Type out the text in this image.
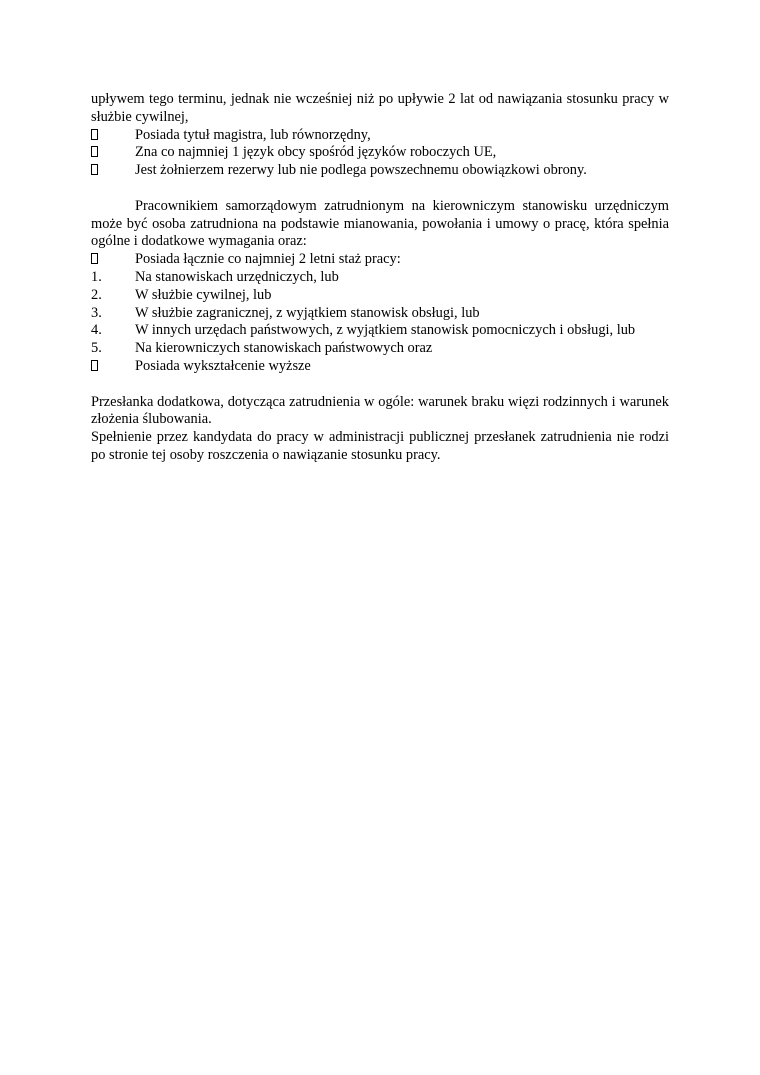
upływem tego terminu, jednak nie wcześniej niż po upływie 2 lat od nawiązania stosunku pracy w służbie cywilnej,
Posiada tytuł magistra, lub równorzędny,
Zna co najmniej 1 język obcy spośród języków roboczych UE,
Jest żołnierzem rezerwy lub nie podlega powszechnemu obowiązkowi obrony.
Pracownikiem samorządowym zatrudnionym na kierowniczym stanowisku urzędniczym może być osoba zatrudniona na podstawie mianowania, powołania i umowy o pracę, która spełnia ogólne i dodatkowe wymagania oraz:
Posiada łącznie co najmniej 2 letni staż pracy:
1.	Na stanowiskach urzędniczych, lub
2.	W służbie cywilnej, lub
3.	W służbie zagranicznej, z wyjątkiem stanowisk obsługi, lub
4.	W innych urzędach państwowych, z wyjątkiem stanowisk pomocniczych i obsługi, lub
5.	Na kierowniczych stanowiskach państwowych oraz
Posiada wykształcenie wyższe
Przesłanka dodatkowa, dotycząca zatrudnienia w ogóle: warunek braku więzi rodzinnych i warunek złożenia ślubowania.
Spełnienie przez kandydata do pracy w administracji publicznej przesłanek zatrudnienia nie rodzi po stronie tej osoby roszczenia o nawiązanie stosunku pracy.
